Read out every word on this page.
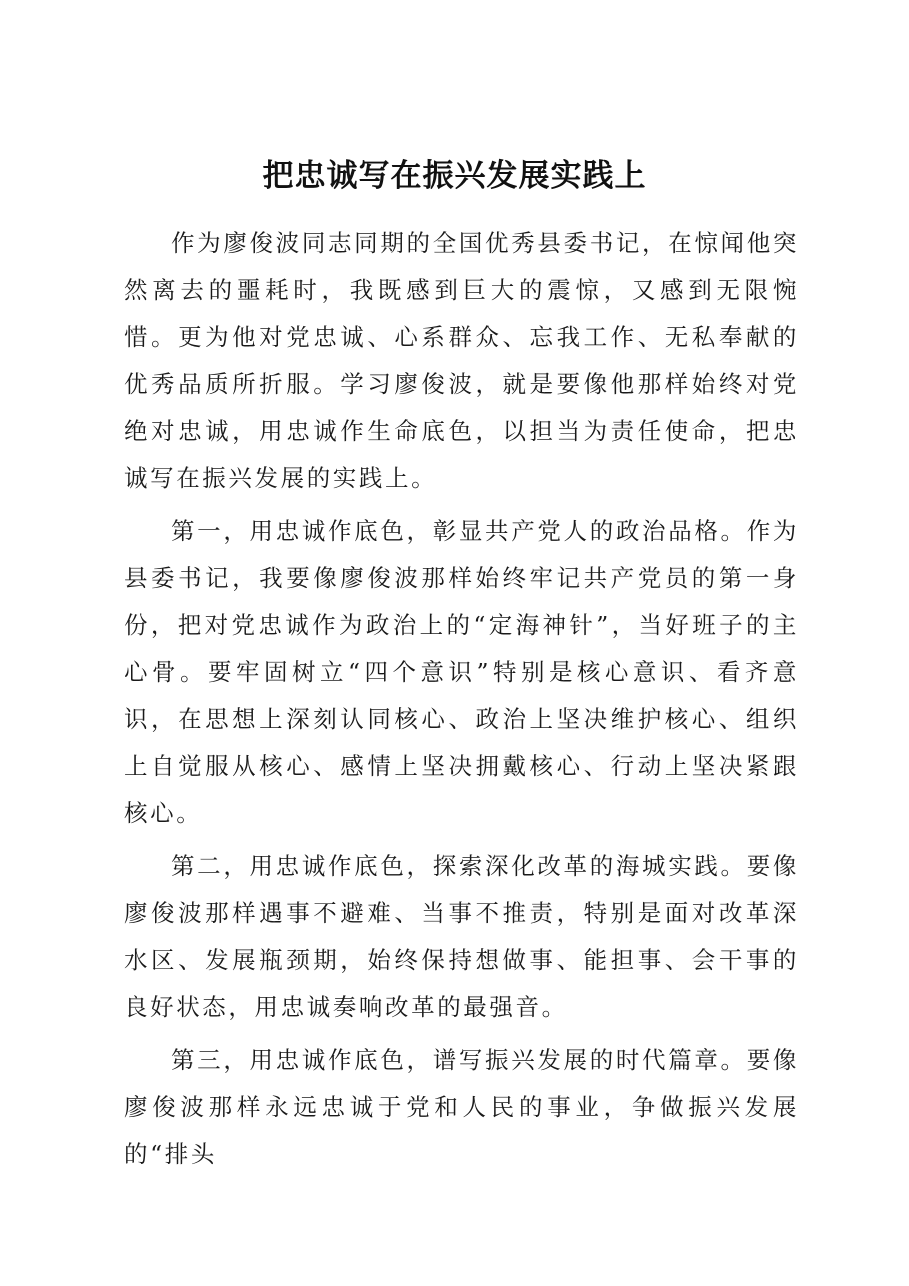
把忠诚写在振兴发展实践上

作为廖俊波同志同期的全国优秀县委书记，在惊闻他突然离去的噩耗时，我既感到巨大的震惊，又感到无限惋惜。更为他对党忠诚、心系群众、忘我工作、无私奉献的优秀品质所折服。学习廖俊波，就是要像他那样始终对党绝对忠诚，用忠诚作生命底色，以担当为责任使命，把忠诚写在振兴发展的实践上。

第一，用忠诚作底色，彰显共产党人的政治品格。作为县委书记，我要像廖俊波那样始终牢记共产党员的第一身份，把对党忠诚作为政治上的“定海神针”，当好班子的主心骨。要牢固树立“四个意识”特别是核心意识、看齐意识，在思想上深刻认同核心、政治上坚决维护核心、组织上自觉服从核心、感情上坚决拥戴核心、行动上坚决紧跟核心。

第二，用忠诚作底色，探索深化改革的海城实践。要像廖俊波那样遇事不避难、当事不推责，特别是面对改革深水区、发展瓶颈期，始终保持想做事、能担事、会干事的良好状态，用忠诚奏响改革的最强音。

第三，用忠诚作底色，谱写振兴发展的时代篇章。要像廖俊波那样永远忠诚于党和人民的事业，争做振兴发展的“排头
